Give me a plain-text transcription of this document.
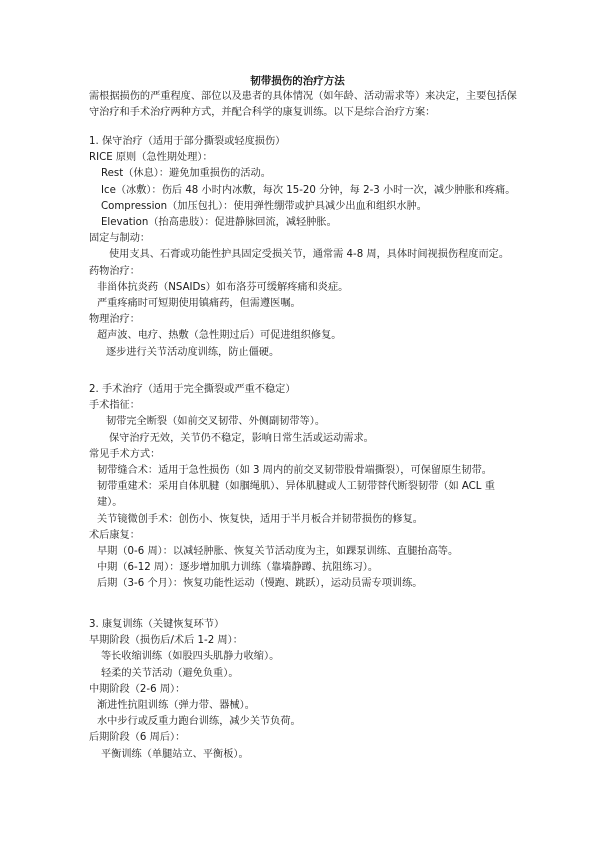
韧带损伤的治疗方法

需根据损伤的严重程度、部位以及患者的具体情况（如年龄、活动需求等）来决定，主要包括保守治疗和手术治疗两种方式，并配合科学的康复训练。以下是综合治疗方案：

1. 保守治疗（适用于部分撕裂或轻度损伤）
RICE 原则（急性期处理）：
Rest（休息）：避免加重损伤的活动。
Ice（冰敷）：伤后 48 小时内冰敷，每次 15-20 分钟，每 2-3 小时一次，减少肿胀和疼痛。
Compression（加压包扎）：使用弹性绷带或护具减少出血和组织水肿。
Elevation（抬高患肢）：促进静脉回流，减轻肿胀。
固定与制动：
使用支具、石膏或功能性护具固定受损关节，通常需 4-8 周，具体时间视损伤程度而定。
药物治疗：
非甾体抗炎药（NSAIDs）如布洛芬可缓解疼痛和炎症。
严重疼痛时可短期使用镇痛药，但需遵医嘱。
物理治疗：
超声波、电疗、热敷（急性期过后）可促进组织修复。
逐步进行关节活动度训练，防止僵硬。
2. 手术治疗（适用于完全撕裂或严重不稳定）
手术指征：
韧带完全断裂（如前交叉韧带、外侧副韧带等）。
保守治疗无效，关节仍不稳定，影响日常生活或运动需求。
常见手术方式：
韧带缝合术：适用于急性损伤（如 3 周内的前交叉韧带股骨端撕裂），可保留原生韧带。
韧带重建术：采用自体肌腱（如腘绳肌）、异体肌腱或人工韧带替代断裂韧带（如 ACL 重建）。
关节镜微创手术：创伤小、恢复快，适用于半月板合并韧带损伤的修复。
术后康复：
早期（0-6 周）：以减轻肿胀、恢复关节活动度为主，如踝泵训练、直腿抬高等。
中期（6-12 周）：逐步增加肌力训练（靠墙静蹲、抗阻练习）。
后期（3-6 个月）：恢复功能性运动（慢跑、跳跃），运动员需专项训练。
3. 康复训练（关键恢复环节）
早期阶段（损伤后/术后 1-2 周）：
等长收缩训练（如股四头肌静力收缩）。
轻柔的关节活动（避免负重）。
中期阶段（2-6 周）：
渐进性抗阻训练（弹力带、器械）。
水中步行或反重力跑台训练，减少关节负荷。
后期阶段（6 周后）：
平衡训练（单腿站立、平衡板）。
